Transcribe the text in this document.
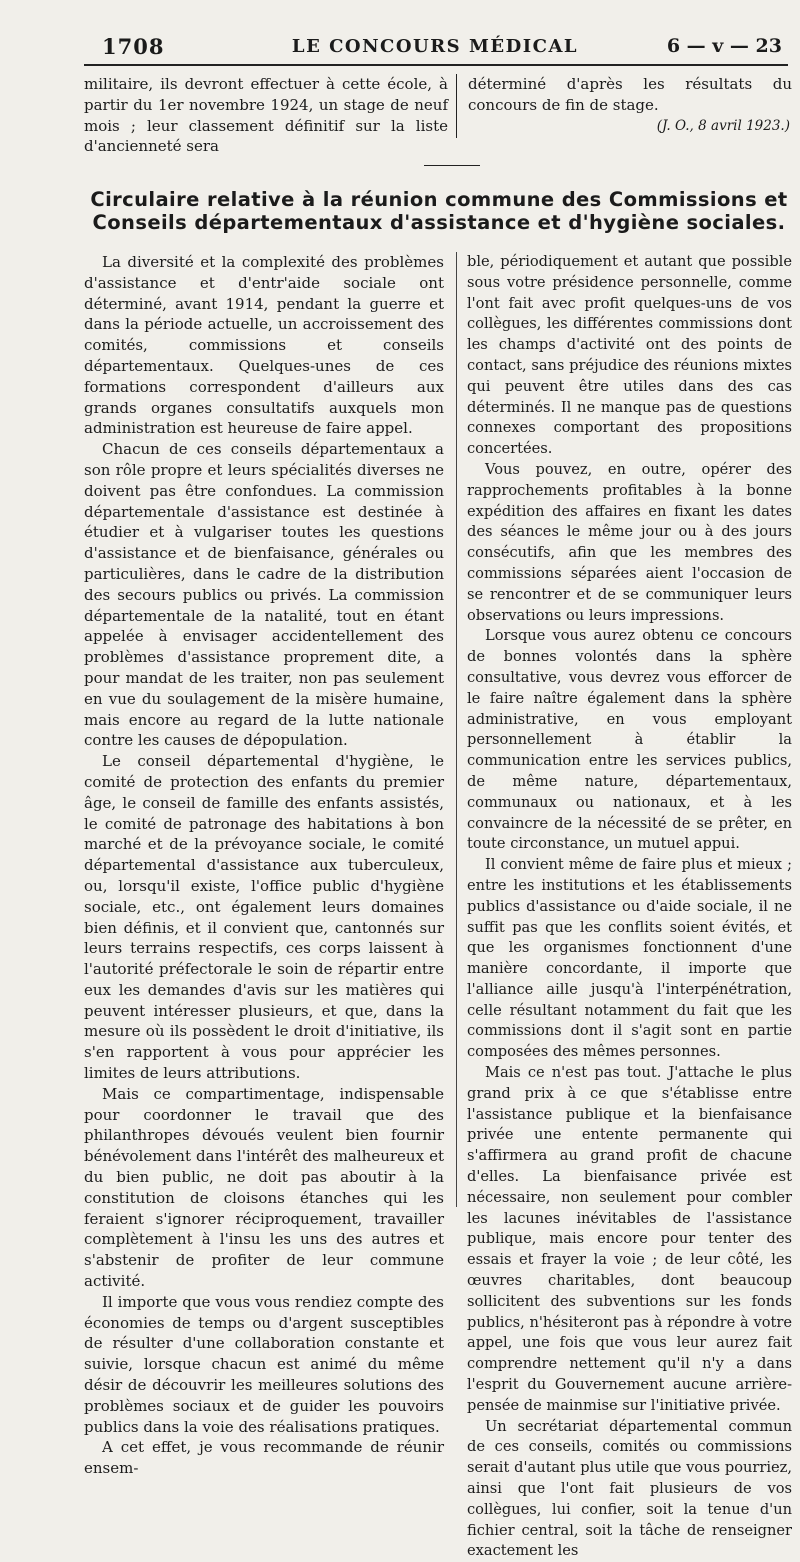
1708	LE CONCOURS MÉDICAL	6 — v — 23

militaire, ils devront effectuer à cette école, à partir du 1er novembre 1924, un stage de neuf mois ; leur classement définitif sur la liste d'ancienneté sera

déterminé d'après les résultats du concours de fin de stage.

(J. O., 8 avril 1923.)
Circulaire relative à la réunion commune des Commissions et Conseils départementaux d'assistance et d'hygiène sociales.

La diversité et la complexité des problèmes d'assistance et d'entr'aide sociale ont déterminé, avant 1914, pendant la guerre et dans la période actuelle, un accroissement des comités, commissions et conseils départementaux. Quelques-unes de ces formations correspondent d'ailleurs aux grands organes consultatifs auxquels mon administration est heureuse de faire appel.

Chacun de ces conseils départementaux a son rôle propre et leurs spécialités diverses ne doivent pas être confondues. La commission départementale d'assistance est destinée à étudier et à vulgariser toutes les questions d'assistance et de bienfaisance, générales ou particulières, dans le cadre de la distribution des secours publics ou privés. La commission départementale de la natalité, tout en étant appelée à envisager accidentellement des problèmes d'assistance proprement dite, a pour mandat de les traiter, non pas seulement en vue du soulagement de la misère humaine, mais encore au regard de la lutte nationale contre les causes de dépopulation.

Le conseil départemental d'hygiène, le comité de protection des enfants du premier âge, le conseil de famille des enfants assistés, le comité de patronage des habitations à bon marché et de la prévoyance sociale, le comité départemental d'assistance aux tuberculeux, ou, lorsqu'il existe, l'office public d'hygiène sociale, etc., ont également leurs domaines bien définis, et il convient que, cantonnés sur leurs terrains respectifs, ces corps laissent à l'autorité préfectorale le soin de répartir entre eux les demandes d'avis sur les matières qui peuvent intéresser plusieurs, et que, dans la mesure où ils possèdent le droit d'initiative, ils s'en rapportent à vous pour apprécier les limites de leurs attributions.

Mais ce compartimentage, indispensable pour coordonner le travail que des philanthropes dévoués veulent bien fournir bénévolement dans l'intérêt des malheureux et du bien public, ne doit pas aboutir à la constitution de cloisons étanches qui les feraient s'ignorer réciproquement, travailler complètement à l'insu les uns des autres et s'abstenir de profiter de leur commune activité.

Il importe que vous vous rendiez compte des économies de temps ou d'argent susceptibles de résulter d'une collaboration constante et suivie, lorsque chacun est animé du même désir de découvrir les meilleures solutions des problèmes sociaux et de guider les pouvoirs publics dans la voie des réalisations pratiques.

A cet effet, je vous recommande de réunir ensem-

ble, périodiquement et autant que possible sous votre présidence personnelle, comme l'ont fait avec profit quelques-uns de vos collègues, les différentes commissions dont les champs d'activité ont des points de contact, sans préjudice des réunions mixtes qui peuvent être utiles dans des cas déterminés. Il ne manque pas de questions connexes comportant des propositions concertées.

Vous pouvez, en outre, opérer des rapprochements profitables à la bonne expédition des affaires en fixant les dates des séances le même jour ou à des jours consécutifs, afin que les membres des commissions séparées aient l'occasion de se rencontrer et de se communiquer leurs observations ou leurs impressions.

Lorsque vous aurez obtenu ce concours de bonnes volontés dans la sphère consultative, vous devrez vous efforcer de le faire naître également dans la sphère administrative, en vous employant personnellement à établir la communication entre les services publics, de même nature, départementaux, communaux ou nationaux, et à les convaincre de la nécessité de se prêter, en toute circonstance, un mutuel appui.

Il convient même de faire plus et mieux ; entre les institutions et les établissements publics d'assistance ou d'aide sociale, il ne suffit pas que les conflits soient évités, et que les organismes fonctionnent d'une manière concordante, il importe que l'alliance aille jusqu'à l'interpénétration, celle résultant notamment du fait que les commissions dont il s'agit sont en partie composées des mêmes personnes.

Mais ce n'est pas tout. J'attache le plus grand prix à ce que s'établisse entre l'assistance publique et la bienfaisance privée une entente permanente qui s'affirmera au grand profit de chacune d'elles. La bienfaisance privée est nécessaire, non seulement pour combler les lacunes inévitables de l'assistance publique, mais encore pour tenter des essais et frayer la voie ; de leur côté, les œuvres charitables, dont beaucoup sollicitent des subventions sur les fonds publics, n'hésiteront pas à répondre à votre appel, une fois que vous leur aurez fait comprendre nettement qu'il n'y a dans l'esprit du Gouvernement aucune arrière-pensée de mainmise sur l'initiative privée.

Un secrétariat départemental commun de ces conseils, comités ou commissions serait d'autant plus utile que vous pourriez, ainsi que l'ont fait plusieurs de vos collègues, lui confier, soit la tenue d'un fichier central, soit la tâche de renseigner exactement les
